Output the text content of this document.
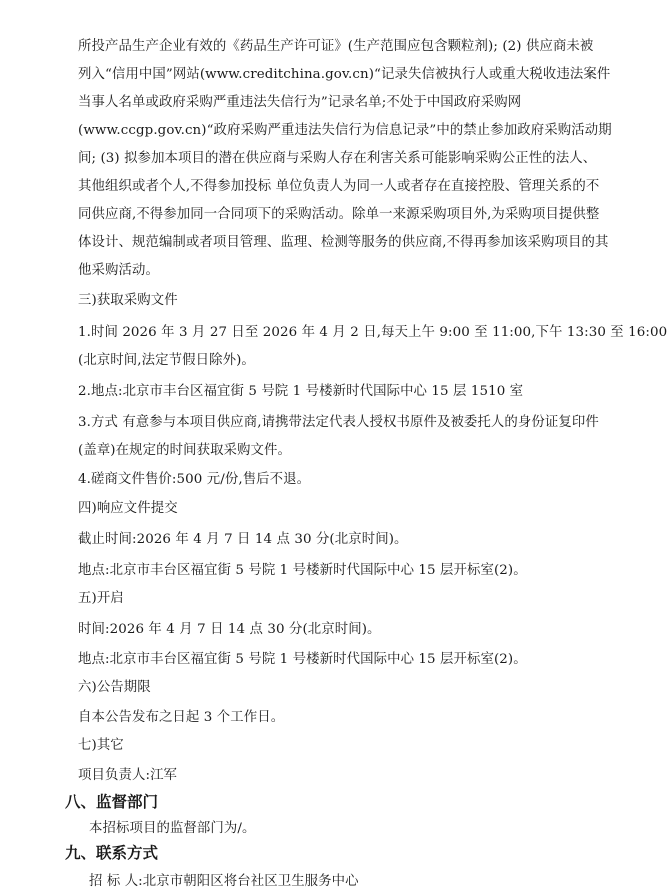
所投产品生产企业有效的《药品生产许可证》(生产范围应包含颗粒剂); (2) 供应商未被
列入“信用中国”网站(www.creditchina.gov.cn)“记录失信被执行人或重大税收违法案件
当事人名单或政府采购严重违法失信行为”记录名单;不处于中国政府采购网
(www.ccgp.gov.cn)“政府采购严重违法失信行为信息记录”中的禁止参加政府采购活动期
间; (3) 拟参加本项目的潜在供应商与采购人存在利害关系可能影响采购公正性的法人、
其他组织或者个人,不得参加投标 单位负责人为同一人或者存在直接控股、管理关系的不
同供应商,不得参加同一合同项下的采购活动。除单一来源采购项目外,为采购项目提供整
体设计、规范编制或者项目管理、监理、检测等服务的供应商,不得再参加该采购项目的其
他采购活动。
三)获取采购文件
1.时间 2026 年 3 月 27 日至 2026 年 4 月 2 日,每天上午 9:00 至 11:00,下午 13:30 至 16:00
(北京时间,法定节假日除外)。
2.地点:北京市丰台区福宜街 5 号院 1 号楼新时代国际中心 15 层 1510 室
3.方式 有意参与本项目供应商,请携带法定代表人授权书原件及被委托人的身份证复印件
(盖章)在规定的时间获取采购文件。
4.磋商文件售价:500 元/份,售后不退。
四)响应文件提交
截止时间:2026 年 4 月 7 日 14 点 30 分(北京时间)。
地点:北京市丰台区福宜街 5 号院 1 号楼新时代国际中心 15 层开标室(2)。
五)开启
时间:2026 年 4 月 7 日 14 点 30 分(北京时间)。
地点:北京市丰台区福宜街 5 号院 1 号楼新时代国际中心 15 层开标室(2)。
六)公告期限
自本公告发布之日起 3 个工作日。
七)其它
项目负责人:江军
八、监督部门
本招标项目的监督部门为/。
九、联系方式
招 标 人:北京市朝阳区将台社区卫生服务中心
